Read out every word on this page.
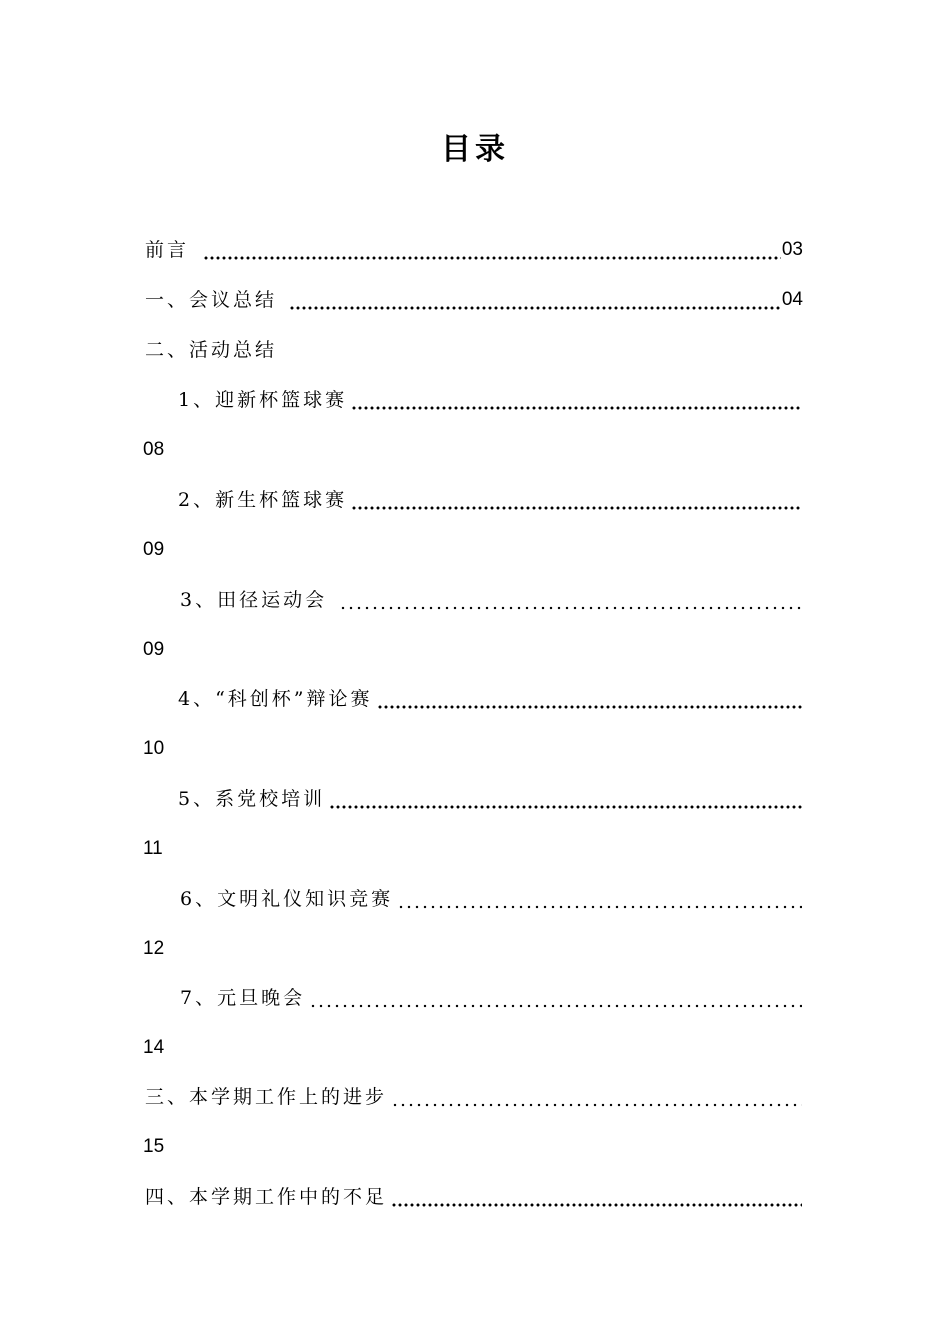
目录
前言	03
一、会议总结	04
二、活动总结
1、迎新杯篮球赛
08
2、新生杯篮球赛
09
3、田径运动会
09
4、“科创杯”辩论赛
10
5、系党校培训
11
6、文明礼仪知识竞赛
12
7、元旦晚会
14
三、本学期工作上的进步
15
四、本学期工作中的不足
